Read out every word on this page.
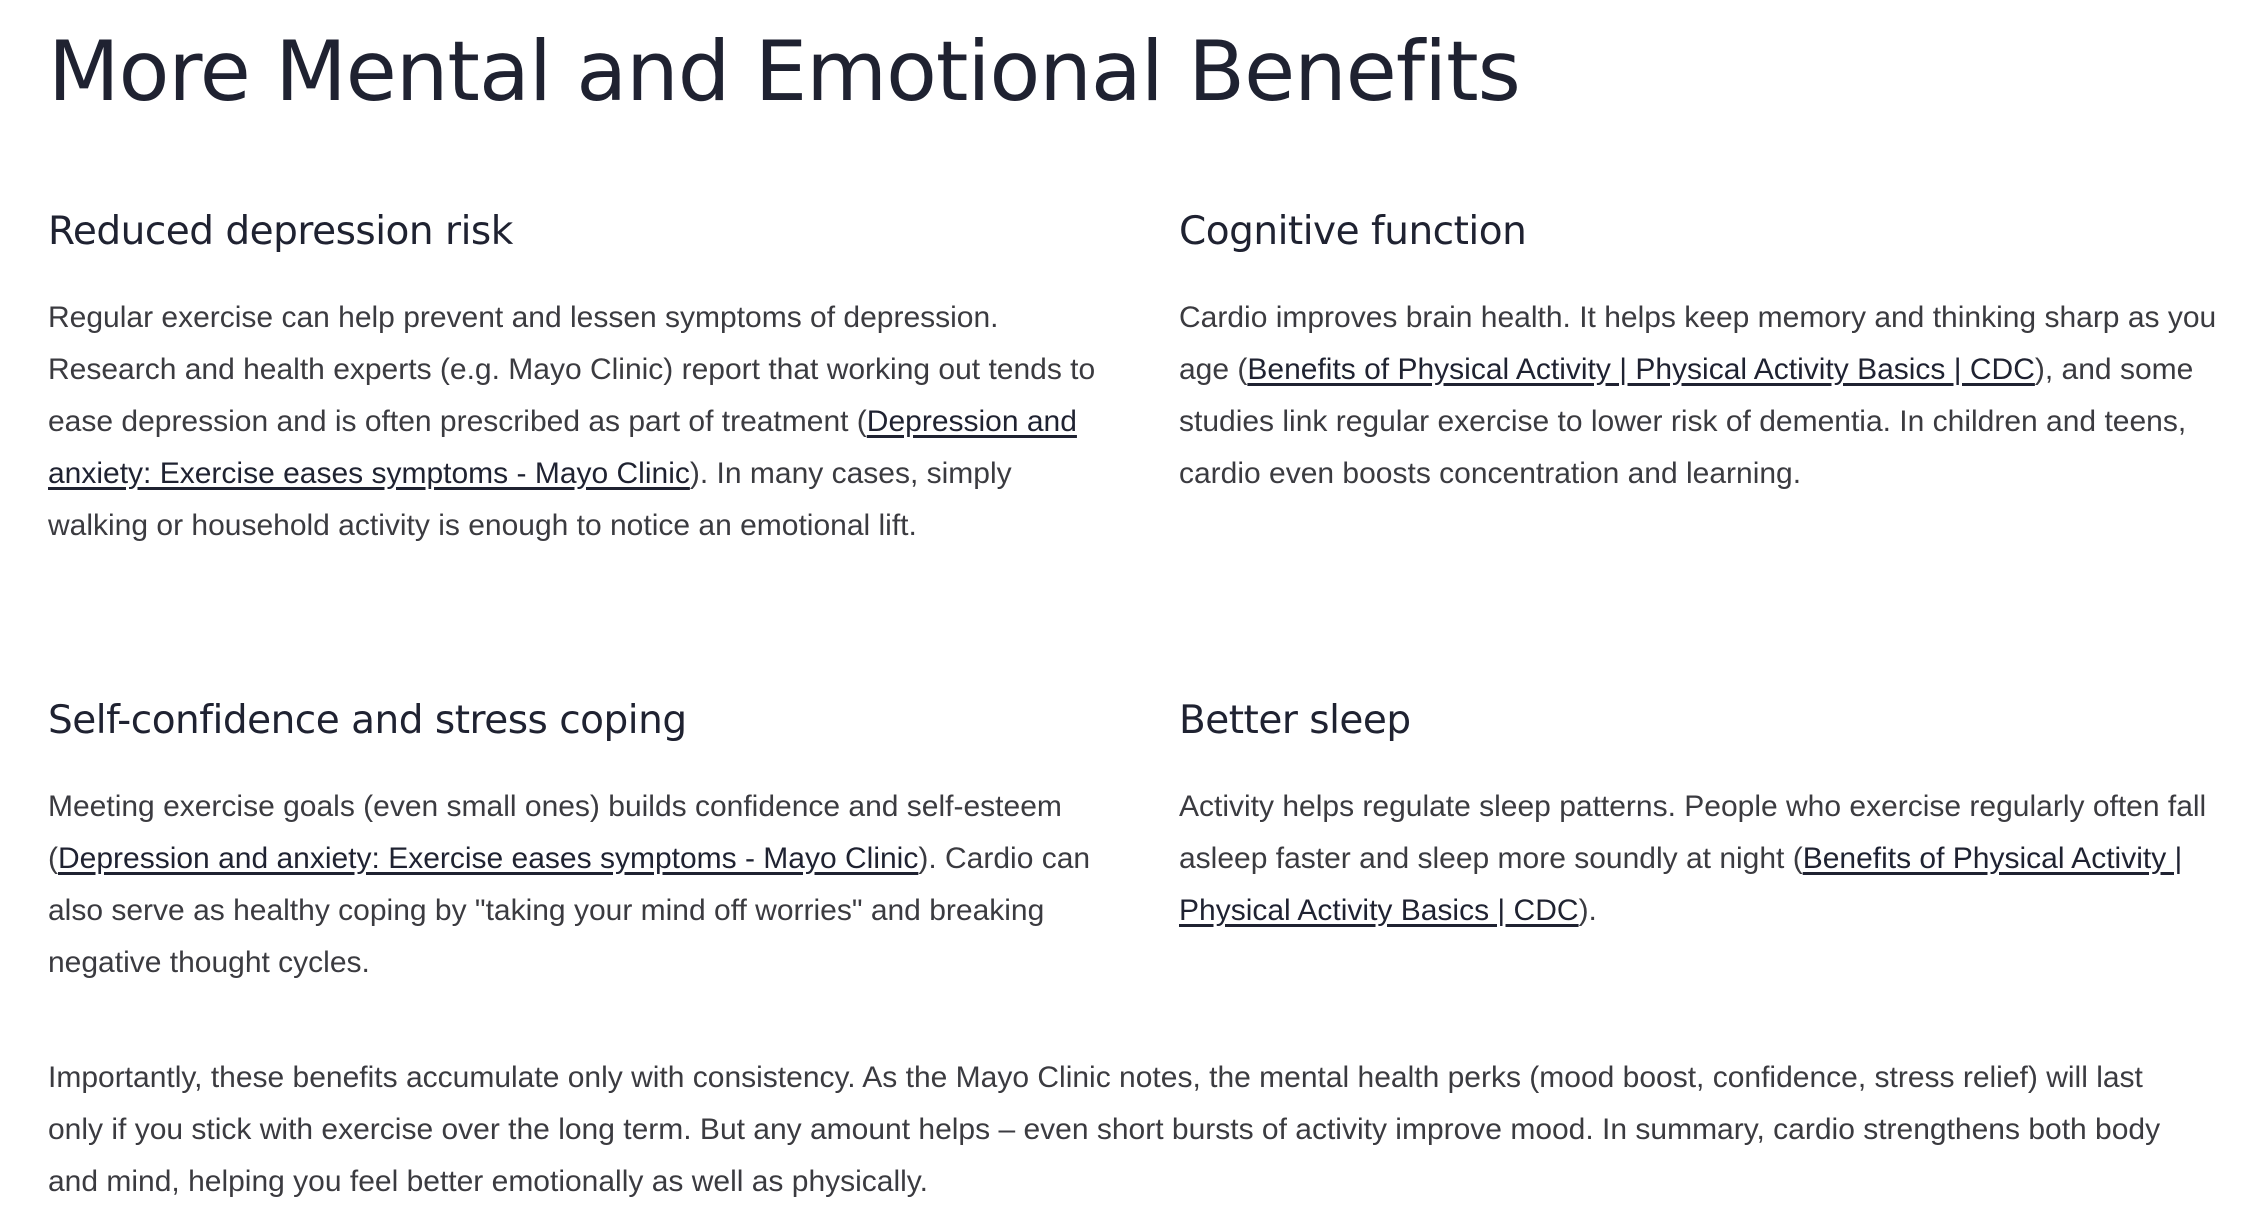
More Mental and Emotional Benefits
Reduced depression risk

Regular exercise can help prevent and lessen symptoms of depression. Research and health experts (e.g. Mayo Clinic) report that working out tends to ease depression and is often prescribed as part of treatment (Depression and anxiety: Exercise eases symptoms - Mayo Clinic). In many cases, simply walking or household activity is enough to notice an emotional lift.

Cognitive function

Cardio improves brain health. It helps keep memory and thinking sharp as you age (Benefits of Physical Activity | Physical Activity Basics | CDC), and some studies link regular exercise to lower risk of dementia. In children and teens, cardio even boosts concentration and learning.

Self-confidence and stress coping

Meeting exercise goals (even small ones) builds confidence and self-esteem (Depression and anxiety: Exercise eases symptoms - Mayo Clinic). Cardio can also serve as healthy coping by "taking your mind off worries" and breaking negative thought cycles.

Better sleep

Activity helps regulate sleep patterns. People who exercise regularly often fall asleep faster and sleep more soundly at night (Benefits of Physical Activity | Physical Activity Basics | CDC).

Importantly, these benefits accumulate only with consistency. As the Mayo Clinic notes, the mental health perks (mood boost, confidence, stress relief) will last only if you stick with exercise over the long term. But any amount helps – even short bursts of activity improve mood. In summary, cardio strengthens both body and mind, helping you feel better emotionally as well as physically.
